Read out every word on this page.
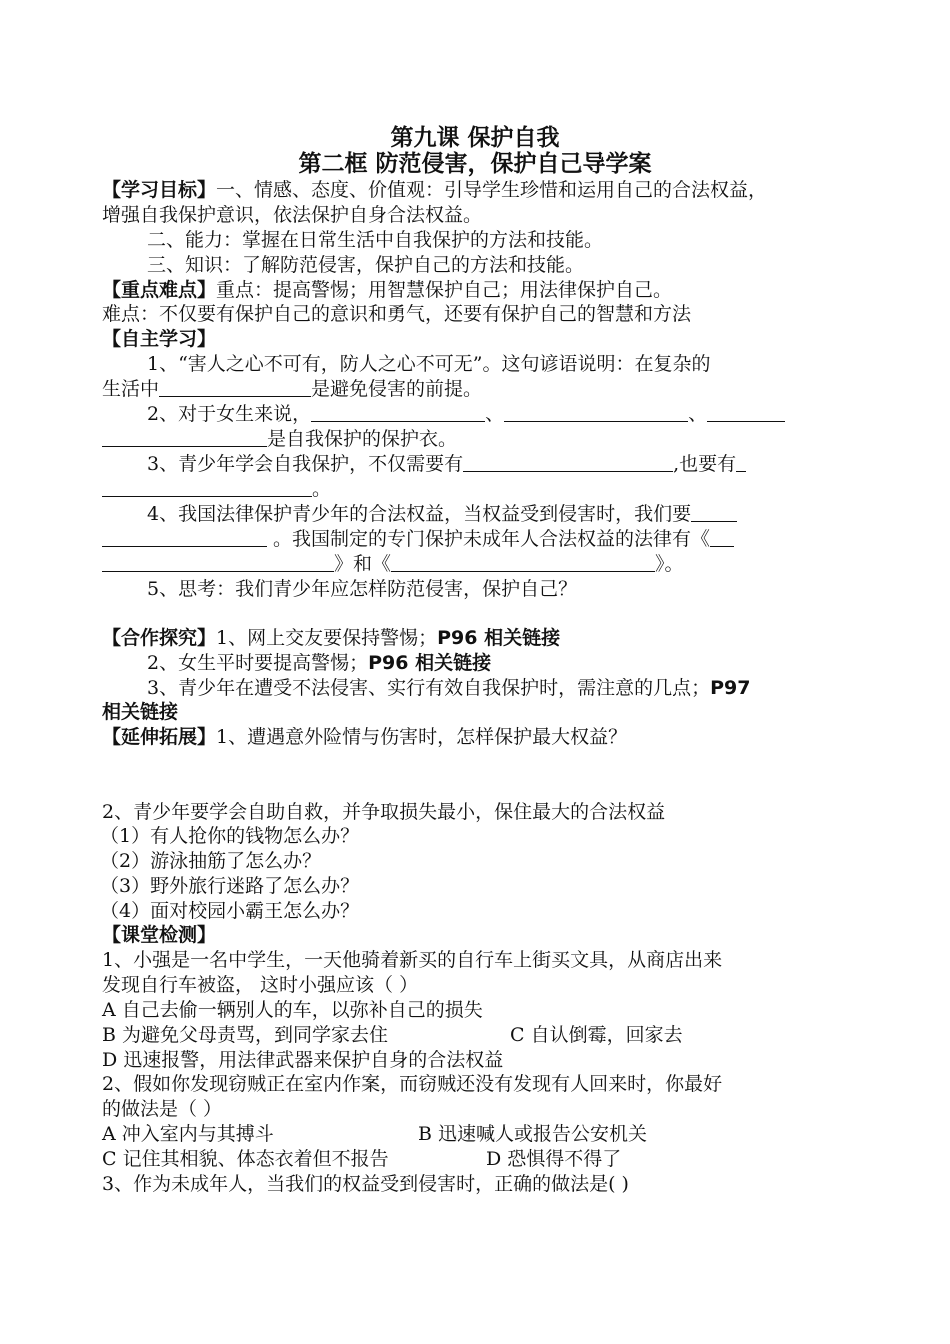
第九课 保护自我
第二框 防范侵害，保护自己导学案
【学习目标】一、情感、态度、价值观：引导学生珍惜和运用自己的合法权益，
增强自我保护意识，依法保护自身合法权益。
二、能力：掌握在日常生活中自我保护的方法和技能。
三、知识：了解防范侵害，保护自己的方法和技能。
【重点难点】重点：提高警惕；用智慧保护自己；用法律保护自己。
难点：不仅要有保护自己的意识和勇气，还要有保护自己的智慧和方法
【自主学习】
1、“害人之心不可有，防人之心不可无”。这句谚语说明：在复杂的
生活中	是避免侵害的前提。
2、对于女生来说，	、	、
是自我保护的保护衣。
3、青少年学会自我保护，不仅需要有	,也要有
。
4、我国法律保护青少年的合法权益，当权益受到侵害时，我们要
。我国制定的专门保护未成年人合法权益的法律有《
》和《	》。
5、思考：我们青少年应怎样防范侵害，保护自己？
【合作探究】1、网上交友要保持警惕；P96 相关链接
2、女生平时要提高警惕；P96 相关链接
3、青少年在遭受不法侵害、实行有效自我保护时，需注意的几点；P97
相关链接
【延伸拓展】1、遭遇意外险情与伤害时，怎样保护最大权益？
2、青少年要学会自助自救，并争取损失最小，保住最大的合法权益
（1）有人抢你的钱物怎么办？
（2）游泳抽筋了怎么办？
（3）野外旅行迷路了怎么办？
（4）面对校园小霸王怎么办？
【课堂检测】
1、小强是一名中学生，一天他骑着新买的自行车上街买文具，从商店出来
发现自行车被盗， 这时小强应该（ ）
A 自己去偷一辆别人的车，以弥补自己的损失
B 为避免父母责骂，到同学家去住	C 自认倒霉，回家去
D 迅速报警，用法律武器来保护自身的合法权益
2、假如你发现窃贼正在室内作案，而窃贼还没有发现有人回来时，你最好
的做法是（ ）
A 冲入室内与其搏斗	B 迅速喊人或报告公安机关
C 记住其相貌、体态衣着但不报告	D 恐惧得不得了
3、作为未成年人，当我们的权益受到侵害时，正确的做法是( )
